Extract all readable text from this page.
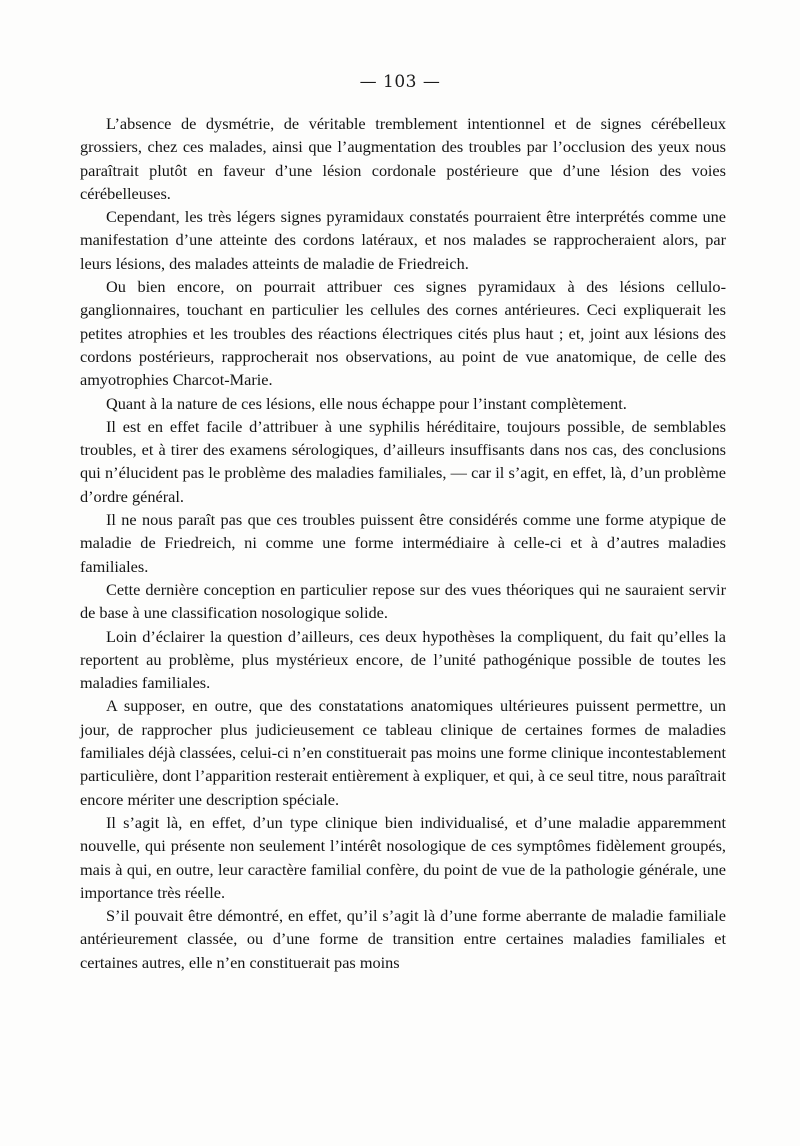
— 103 —

L’absence de dysmétrie, de véritable tremblement intentionnel et de signes cérébelleux grossiers, chez ces malades, ainsi que l’augmentation des troubles par l’occlusion des yeux nous paraîtrait plutôt en faveur d’une lésion cordonale postérieure que d’une lésion des voies cérébelleuses.

Cependant, les très légers signes pyramidaux constatés pourraient être interprétés comme une manifestation d’une atteinte des cordons latéraux, et nos malades se rapprocheraient alors, par leurs lésions, des malades atteints de maladie de Friedreich.

Ou bien encore, on pourrait attribuer ces signes pyramidaux à des lésions cellulo-ganglionnaires, touchant en particulier les cellules des cornes antérieures. Ceci expliquerait les petites atrophies et les troubles des réactions électriques cités plus haut ; et, joint aux lésions des cordons postérieurs, rapprocherait nos observations, au point de vue anatomique, de celle des amyotrophies Charcot-Marie.

Quant à la nature de ces lésions, elle nous échappe pour l’instant complètement.

Il est en effet facile d’attribuer à une syphilis héréditaire, toujours possible, de semblables troubles, et à tirer des examens sérologiques, d’ailleurs insuffisants dans nos cas, des conclusions qui n’élucident pas le problème des maladies familiales, — car il s’agit, en effet, là, d’un problème d’ordre général.

Il ne nous paraît pas que ces troubles puissent être considérés comme une forme atypique de maladie de Friedreich, ni comme une forme intermédiaire à celle-ci et à d’autres maladies familiales.

Cette dernière conception en particulier repose sur des vues théoriques qui ne sauraient servir de base à une classification nosologique solide.

Loin d’éclairer la question d’ailleurs, ces deux hypothèses la compliquent, du fait qu’elles la reportent au problème, plus mystérieux encore, de l’unité pathogénique possible de toutes les maladies familiales.

A supposer, en outre, que des constatations anatomiques ultérieures puissent permettre, un jour, de rapprocher plus judicieusement ce tableau clinique de certaines formes de maladies familiales déjà classées, celui-ci n’en constituerait pas moins une forme clinique incontestablement particulière, dont l’apparition resterait entièrement à expliquer, et qui, à ce seul titre, nous paraîtrait encore mériter une description spéciale.

Il s’agit là, en effet, d’un type clinique bien individualisé, et d’une maladie apparemment nouvelle, qui présente non seulement l’intérêt nosologique de ces symptômes fidèlement groupés, mais à qui, en outre, leur caractère familial confère, du point de vue de la pathologie générale, une importance très réelle.

S’il pouvait être démontré, en effet, qu’il s’agit là d’une forme aberrante de maladie familiale antérieurement classée, ou d’une forme de transition entre certaines maladies familiales et certaines autres, elle n’en constituerait pas moins
